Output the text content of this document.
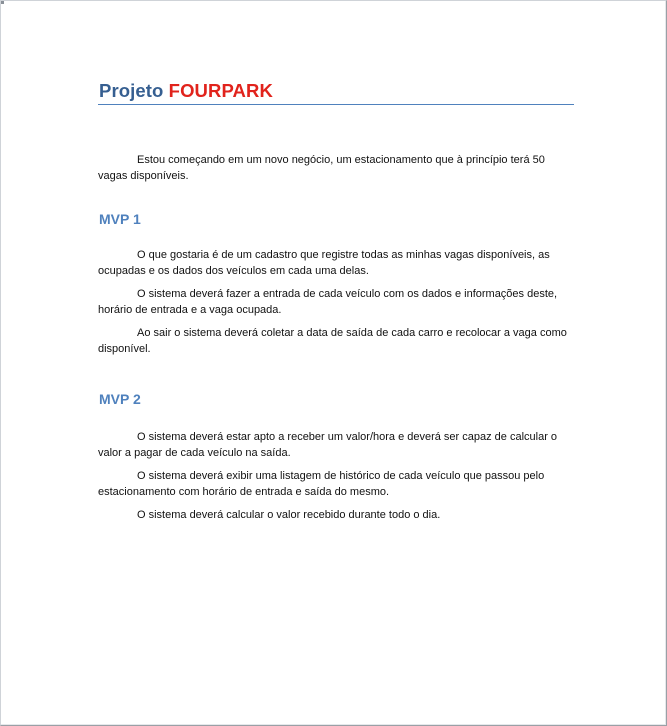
Projeto FOURPARK

Estou começando em um novo negócio, um estacionamento que à princípio terá 50 vagas disponíveis.

MVP 1

O que gostaria é de um cadastro que registre todas as minhas vagas disponíveis, as ocupadas e os dados dos veículos em cada uma delas.

O sistema deverá fazer a entrada de cada veículo com os dados e informações deste, horário de entrada e a vaga ocupada.

Ao sair o sistema deverá coletar a data de saída de cada carro e recolocar a vaga como disponível.

MVP 2

O sistema deverá estar apto a receber um valor/hora e deverá ser capaz de calcular o valor a pagar de cada veículo na saída.

O sistema deverá exibir uma listagem de histórico de cada veículo que passou pelo estacionamento com horário de entrada e saída do mesmo.

O sistema deverá calcular o valor recebido durante todo o dia.
